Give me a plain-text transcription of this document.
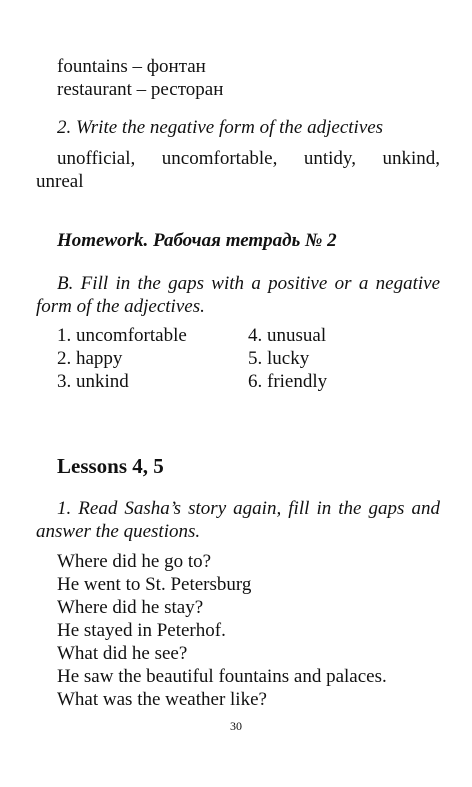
fountains – фонтан
restaurant – ресторан
2. Write the negative form of the adjectives
unofficial, uncomfortable, untidy, unkind,
unreal
Homework. Рабочая тетрадь № 2
B. Fill in the gaps with a positive or a negative
form of the adjectives.
1. uncomfortable
2. happy
3. unkind
4. unusual
5. lucky
6. friendly
Lessons 4, 5
1. Read Sasha’s story again, fill in the gaps and
answer the questions.
Where did he go to?
He went to St. Petersburg
Where did he stay?
He stayed in Peterhof.
What did he see?
He saw the beautiful fountains and palaces.
What was the weather like?
30
